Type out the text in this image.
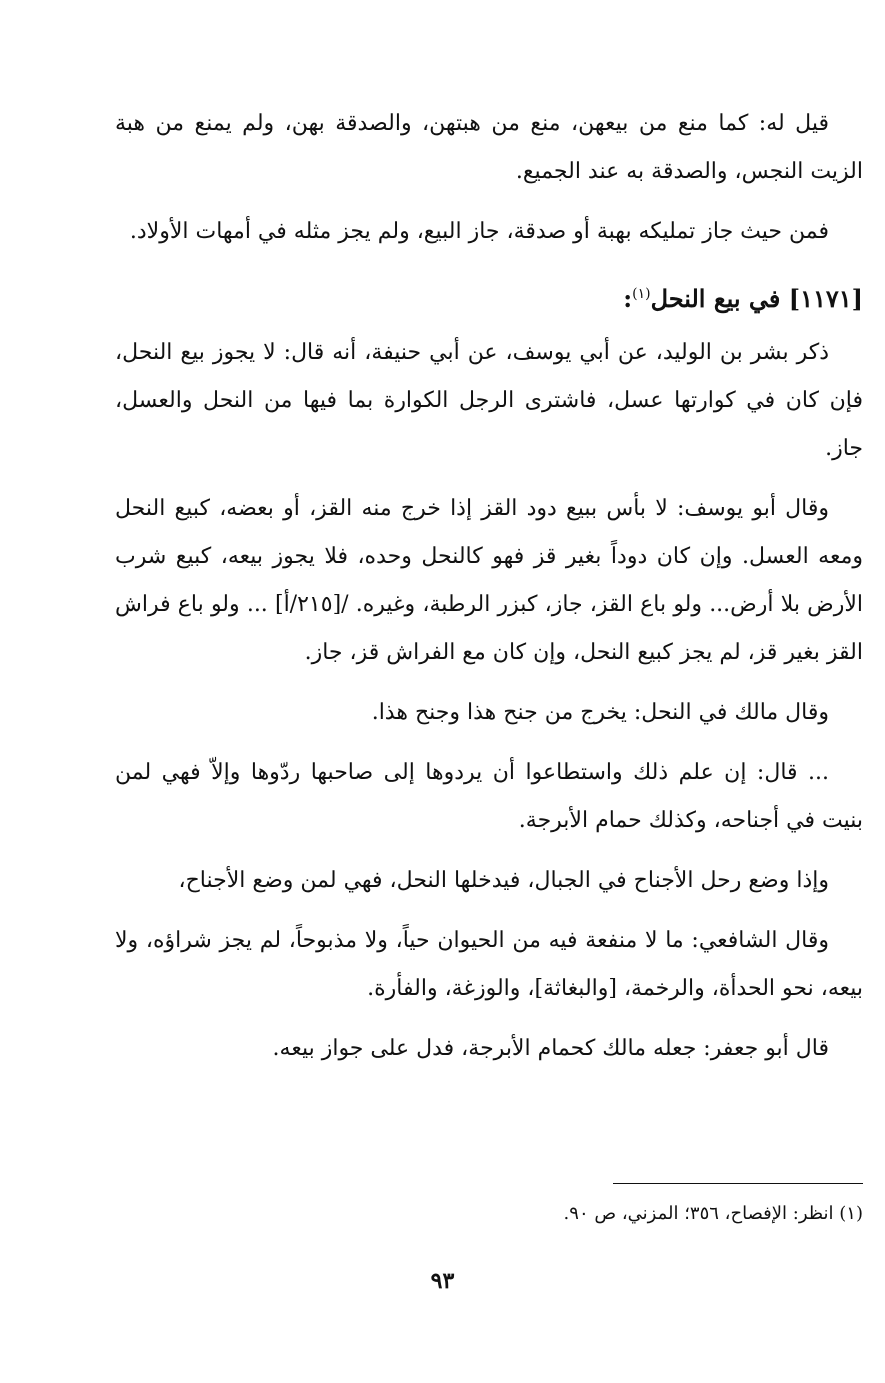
قيل له: كما منع من بيعهن، منع من هبتهن، والصدقة بهن، ولم يمنع من هبة الزيت النجس، والصدقة به عند الجميع.

فمن حيث جاز تمليكه بهبة أو صدقة، جاز البيع، ولم يجز مثله في أمهات الأولاد.

[١١٧١] في بيع النحل$^{(١)}$:

ذكر بشر بن الوليد، عن أبي يوسف، عن أبي حنيفة، أنه قال: لا يجوز بيع النحل، فإن كان في كوارتها عسل، فاشترى الرجل الكوارة بما فيها من النحل والعسل، جاز.

وقال أبو يوسف: لا بأس ببيع دود القز إذا خرج منه القز، أو بعضه، كبيع النحل ومعه العسل. وإن كان دوداً بغير قز فهو كالنحل وحده، فلا يجوز بيعه، كبيع شرب الأرض بلا أرض... ولو باع القز، جاز، كبزر الرطبة، وغيره. /[٢١٥/أ] ... ولو باع فراش القز بغير قز، لم يجز كبيع النحل، وإن كان مع الفراش قز، جاز.

وقال مالك في النحل: يخرج من جنح هذا وجنح هذا.

... قال: إن علم ذلك واستطاعوا أن يردوها إلى صاحبها ردّوها وإلاّ فهي لمن بنيت في أجناحه، وكذلك حمام الأبرجة.

وإذا وضع رحل الأجناح في الجبال، فيدخلها النحل، فهي لمن وضع الأجناح،

وقال الشافعي: ما لا منفعة فيه من الحيوان حياً، ولا مذبوحاً، لم يجز شراؤه، ولا بيعه، نحو الحدأة، والرخمة، [والبغاثة]، والوزغة، والفأرة.

قال أبو جعفر: جعله مالك كحمام الأبرجة، فدل على جواز بيعه.

(١) انظر: الإفصاح، ٣٥٦؛ المزني، ص ٩٠.
٩٣
